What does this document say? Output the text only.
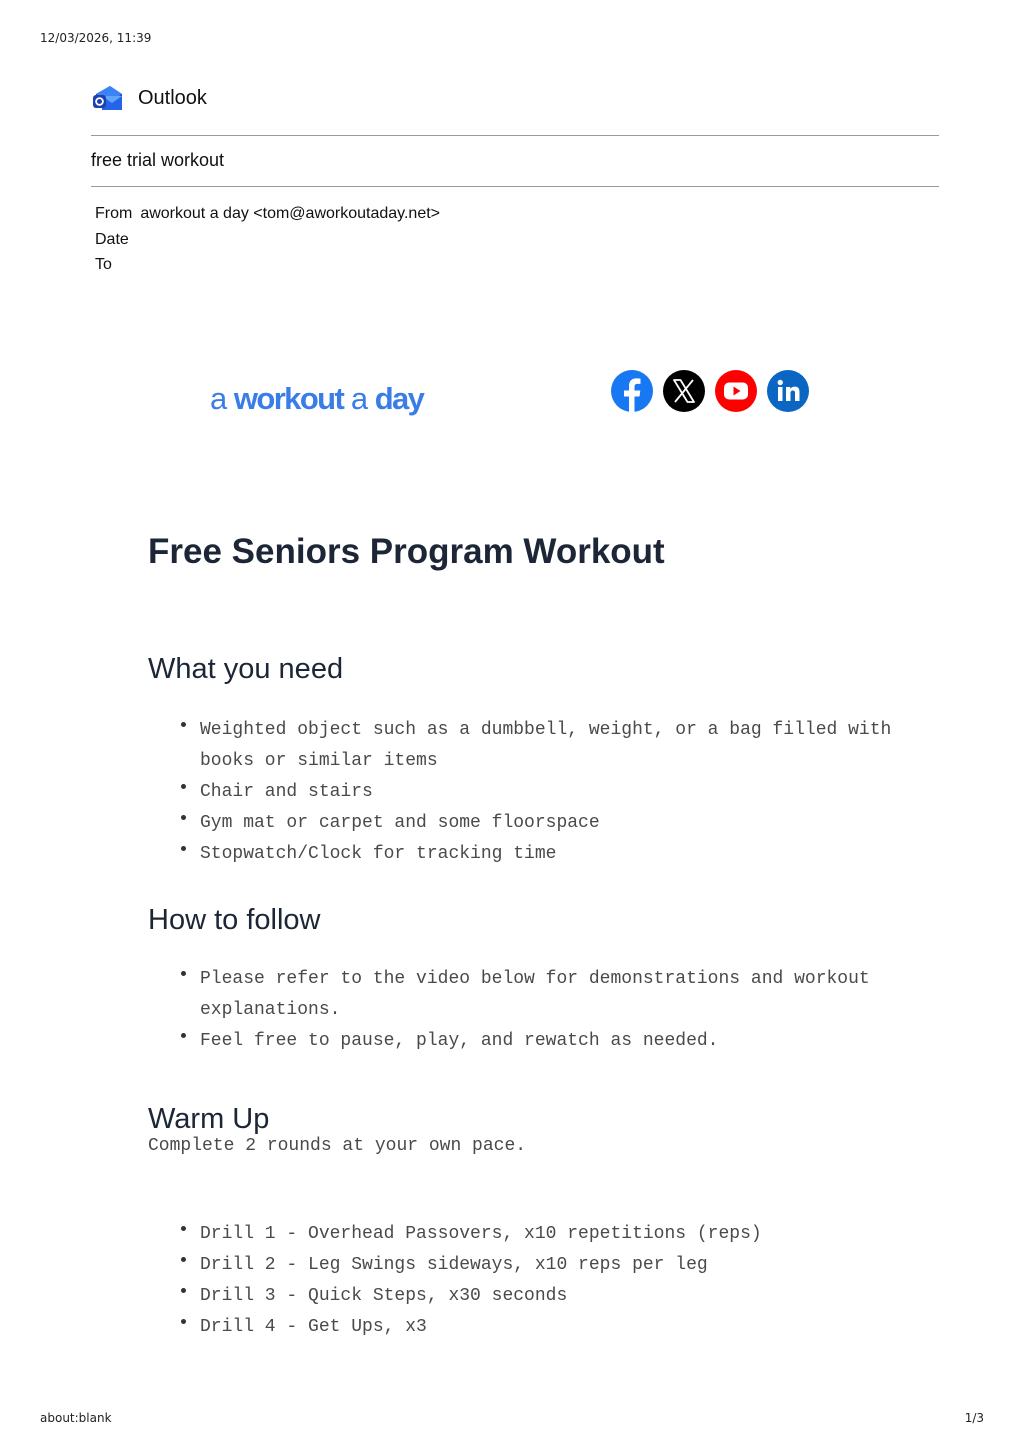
12/03/2026, 11:39
Outlook
free trial workout
From aworkout a day <tom@aworkoutaday.net>
Date
To
a workout a day
Free Seniors Program Workout
What you need
Weighted object such as a dumbbell, weight, or a bag filled with books or similar items
Chair and stairs
Gym mat or carpet and some floorspace
Stopwatch/Clock for tracking time
How to follow
Please refer to the video below for demonstrations and workout explanations.
Feel free to pause, play, and rewatch as needed.
Warm Up
Complete 2 rounds at your own pace.
Drill 1 - Overhead Passovers, x10 repetitions (reps)
Drill 2 - Leg Swings sideways, x10 reps per leg
Drill 3 - Quick Steps, x30 seconds
Drill 4 - Get Ups, x3
about:blank	1/3
